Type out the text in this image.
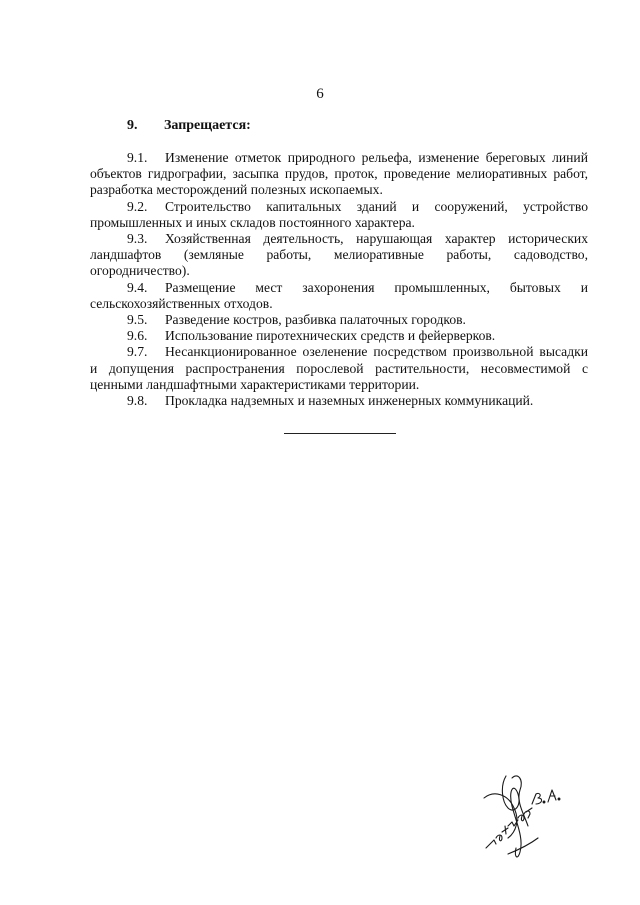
6
9. Запрещается:

9.1. Изменение отметок природного рельефа, изменение береговых линий объектов гидрографии, засыпка прудов, проток, проведение мелиоративных работ, разработка месторождений полезных ископаемых.

9.2. Строительство капитальных зданий и сооружений, устройство промышленных и иных складов постоянного характера.

9.3. Хозяйственная деятельность, нарушающая характер исторических ландшафтов (земляные работы, мелиоративные работы, садоводство, огородничество).

9.4. Размещение мест захоронения промышленных, бытовых и сельскохозяйственных отходов.

9.5. Разведение костров, разбивка палаточных городков.

9.6. Использование пиротехнических средств и фейерверков.

9.7. Несанкционированное озеленение посредством произвольной высадки и допущения распространения порослевой растительности, несовместимой с ценными ландшафтными характеристиками территории.

9.8. Прокладка надземных и наземных инженерных коммуникаций.
